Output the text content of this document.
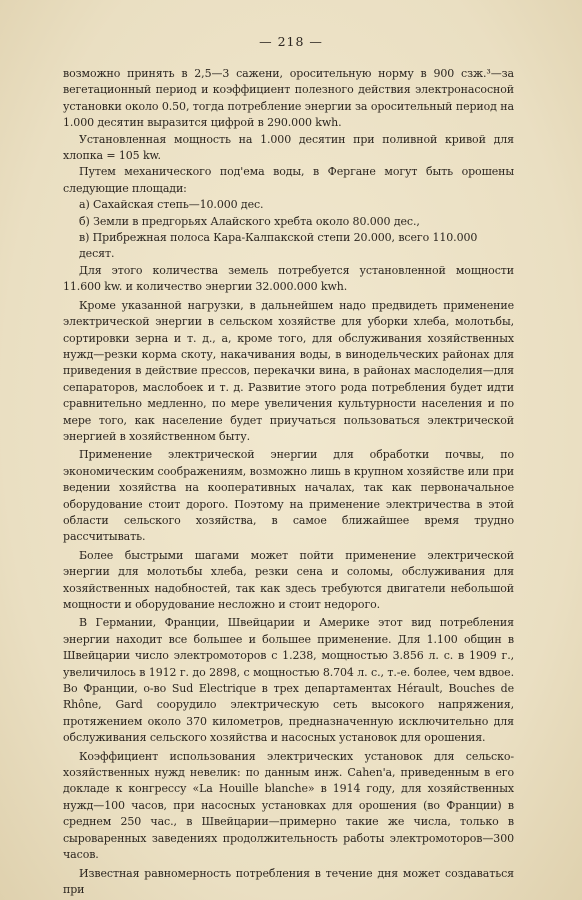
— 218 —

возможно принять в 2,5—3 сажени, оросительную норму в 900 сзж.³—за вегетационный период и коэффициент полезного действия электронасосной установки около 0.50, тогда потребление энергии за оросительный период на 1.000 десятин выразится цифрой в 290.000 kwh.

Установленная мощность на 1.000 десятин при поливной кривой для хлопка = 105 kw.

Путем механического под'ема воды, в Фергане могут быть орошены следующие площади:

а) Сахайская степь—10.000 дес.
б) Земли в предгорьях Алайского хребта около 80.000 дес.,
в) Прибрежная полоса Кара-Калпакской степи 20.000, всего 110.000 десят.

Для этого количества земель потребуется установленной мощности 11.600 kw. и количество энергии 32.000.000 kwh.

Кроме указанной нагрузки, в дальнейшем надо предвидеть применение электрической энергии в сельском хозяйстве для уборки хлеба, молотьбы, сортировки зерна и т. д., а, кроме того, для обслуживания хозяйственных нужд—резки корма скоту, накачивания воды, в винодельческих районах для приведения в действие прессов, перекачки вина, в районах маслоделия—для сепараторов, маслобоек и т. д. Развитие этого рода потребления будет идти сравнительно медленно, по мере увеличения культурности населения и по мере того, как население будет приучаться пользоваться электрической энергией в хозяйственном быту.

Применение электрической энергии для обработки почвы, по экономическим соображениям, возможно лишь в крупном хозяйстве или при ведении хозяйства на кооперативных началах, так как первоначальное оборудование стоит дорого. Поэтому на применение электричества в этой области сельского хозяйства, в самое ближайшее время трудно рассчитывать.

Более быстрыми шагами может пойти применение электрической энергии для молотьбы хлеба, резки сена и соломы, обслуживания для хозяйственных надобностей, так как здесь требуются двигатели небольшой мощности и оборудование несложно и стоит недорого.

В Германии, Франции, Швейцарии и Америке этот вид потребления энергии находит все большее и большее применение. Для 1.100 общин в Швейцарии число электромоторов с 1.238, мощностью 3.856 л. с. в 1909 г., увеличилось в 1912 г. до 2898, с мощностью 8.704 л. с., т.-е. более, чем вдвое. Во Франции, о-во Sud Electrique в трех департаментах Hérault, Bouches de Rhône, Gard соорудило электрическую сеть высокого напряжения, протяжением около 370 километров, предназначенную исключительно для обслуживания сельского хозяйства и насосных установок для орошения.

Коэффициент использования электрических установок для сельско-хозяйственных нужд невелик: по данным инж. Cahen'a, приведенным в его докладе к конгрессу «La Houille blanche» в 1914 году, для хозяйственных нужд—100 часов, при насосных установках для орошения (во Франции) в среднем 250 час., в Швейцарии—примерно такие же числа, только в сыроваренных заведениях продолжительность работы электромоторов—300 часов.

Известная равномерность потребления в течение дня может создаваться при
